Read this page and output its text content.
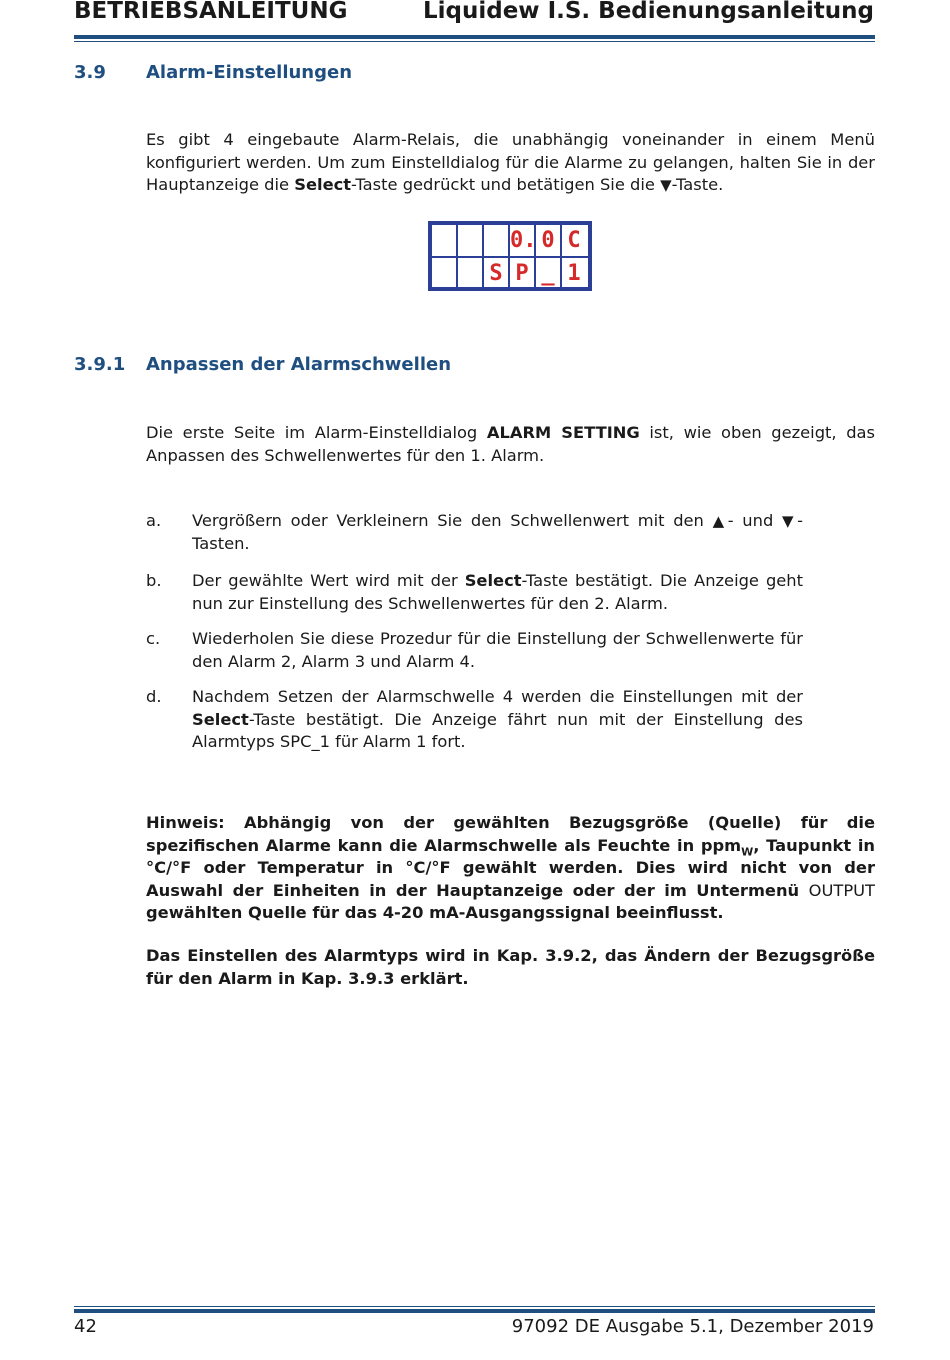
BETRIEBSANLEITUNG	Liquidew I.S. Bedienungsanleitung
3.9 Alarm-Einstellungen

Es gibt 4 eingebaute Alarm-Relais, die unabhängig voneinander in einem Menü konfiguriert werden. Um zum Einstelldialog für die Alarme zu gelangen, halten Sie in der Hauptanzeige die Select-Taste gedrückt und betätigen Sie die ▼-Taste.

0. 0 C
S P _ 1
3.9.1 Anpassen der Alarmschwellen

Die erste Seite im Alarm-Einstelldialog ALARM SETTING ist, wie oben gezeigt, das Anpassen des Schwellenwertes für den 1. Alarm.

a. Vergrößern oder Verkleinern Sie den Schwellenwert mit den ▲- und ▼-Tasten.
b. Der gewählte Wert wird mit der Select-Taste bestätigt. Die Anzeige geht nun zur Einstellung des Schwellenwertes für den 2. Alarm.
c. Wiederholen Sie diese Prozedur für die Einstellung der Schwellenwerte für den Alarm 2, Alarm 3 und Alarm 4.
d. Nachdem Setzen der Alarmschwelle 4 werden die Einstellungen mit der Select-Taste bestätigt. Die Anzeige fährt nun mit der Einstellung des Alarmtyps SPC_1 für Alarm 1 fort.

Hinweis: Abhängig von der gewählten Bezugsgröße (Quelle) für die spezifischen Alarme kann die Alarmschwelle als Feuchte in ppm$_W$, Taupunkt in °C/°F oder Temperatur in °C/°F gewählt werden. Dies wird nicht von der Auswahl der Einheiten in der Hauptanzeige oder der im Untermenü OUTPUT gewählten Quelle für das 4-20 mA-Ausgangssignal beeinflusst.

Das Einstellen des Alarmtyps wird in Kap. 3.9.2, das Ändern der Bezugsgröße für den Alarm in Kap. 3.9.3 erklärt.

42	97092 DE Ausgabe 5.1, Dezember 2019
